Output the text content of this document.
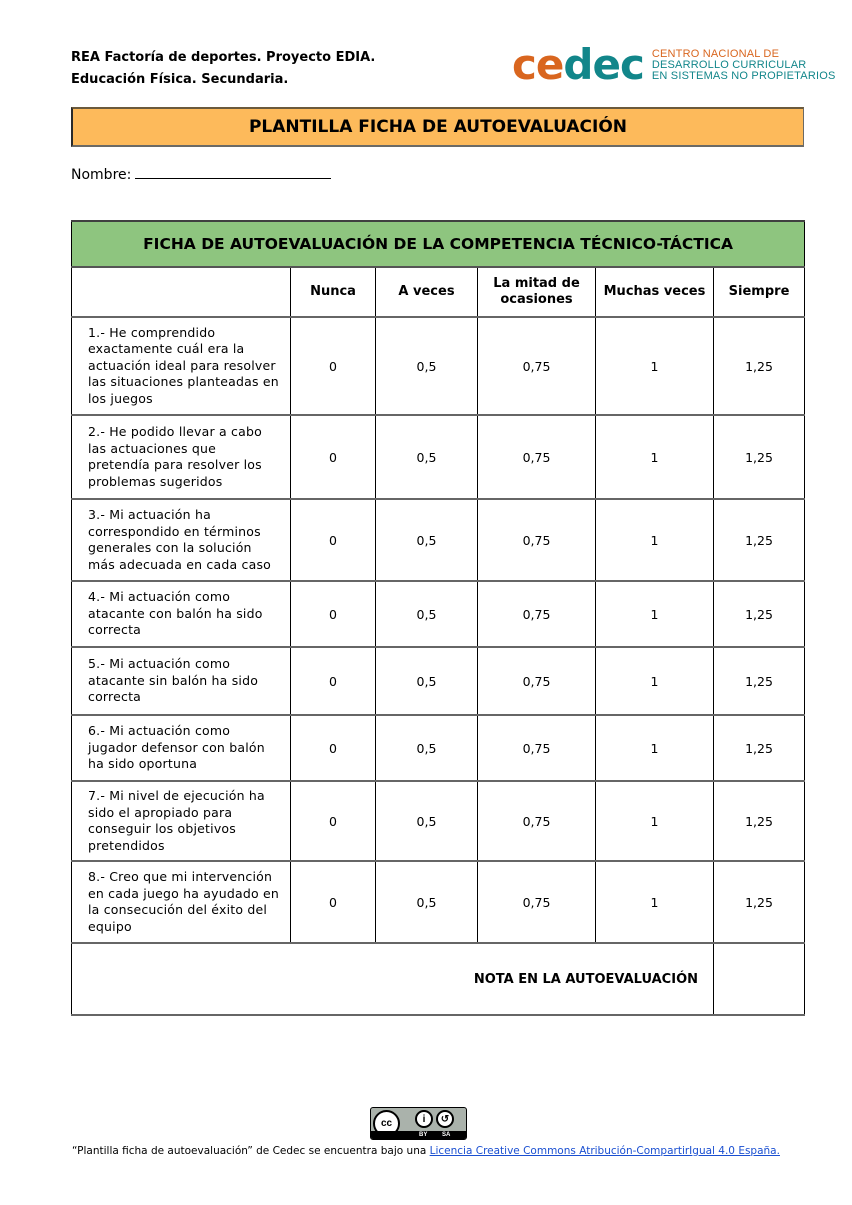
REA Factoría de deportes. Proyecto EDIA.
Educación Física. Secundaria.	cedec CENTRO NACIONAL DE
DESARROLLO CURRICULAR
EN SISTEMAS NO PROPIETARIOS
PLANTILLA FICHA DE AUTOEVALUACIÓN
Nombre:
FICHA DE AUTOEVALUACIÓN DE LA COMPETENCIA TÉCNICO-TÁCTICA					
	Nunca	A veces	La mitad de ocasiones	Muchas veces	Siempre
1.- He comprendido exactamente cuál era la actuación ideal para resolver las situaciones planteadas en los juegos	0	0,5	0,75	1	1,25
2.- He podido llevar a cabo las actuaciones que pretendía para resolver los problemas sugeridos	0	0,5	0,75	1	1,25
3.- Mi actuación ha correspondido en términos generales con la solución más adecuada en cada caso	0	0,5	0,75	1	1,25
4.- Mi actuación como atacante con balón ha sido correcta	0	0,5	0,75	1	1,25
5.- Mi actuación como atacante sin balón ha sido correcta	0	0,5	0,75	1	1,25
6.- Mi actuación como jugador defensor con balón ha sido oportuna	0	0,5	0,75	1	1,25
7.- Mi nivel de ejecución ha sido el apropiado para conseguir los objetivos pretendidos	0	0,5	0,75	1	1,25
8.- Creo que mi intervención en cada juego ha ayudado en la consecución del éxito del equipo	0	0,5	0,75	1	1,25
NOTA EN LA AUTOEVALUACIÓN					
cc	i	↺
BY SA
“Plantilla ficha de autoevaluación” de Cedec se encuentra bajo una Licencia Creative Commons Atribución-CompartirIgual 4.0 España.
